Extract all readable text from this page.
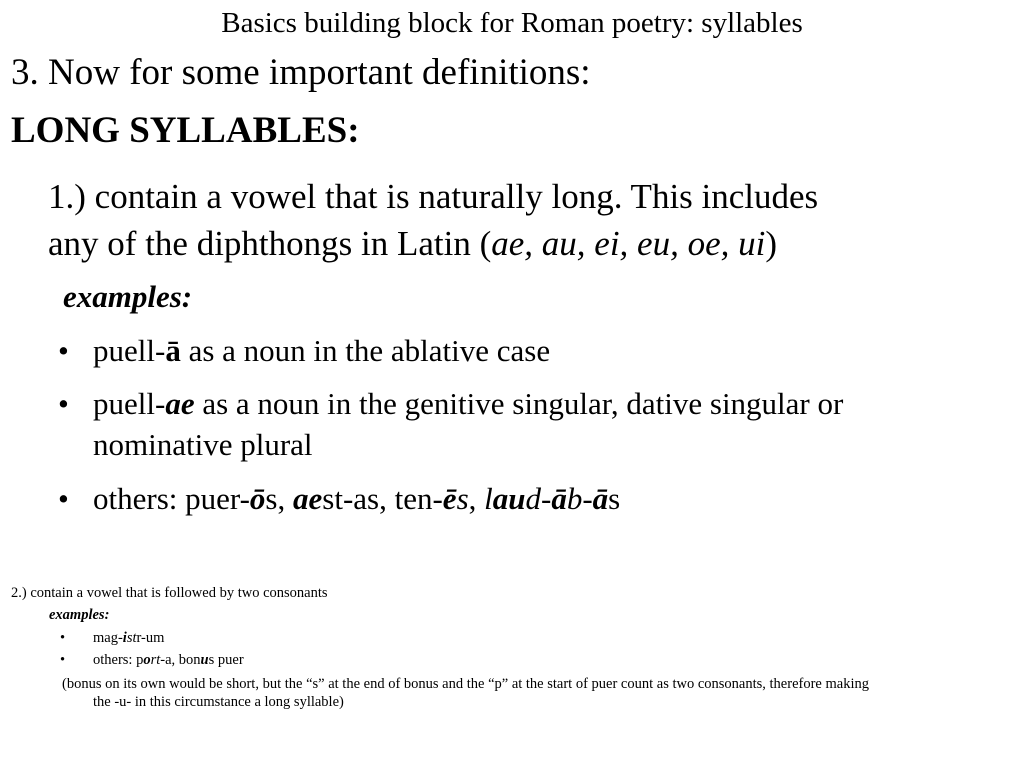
Basics building block for Roman poetry: syllables
3. Now for some important definitions:
LONG SYLLABLES:
1.) contain a vowel that is naturally long. This includes
any of the diphthongs in Latin (ae, au, ei, eu, oe, ui)
examples:
• puell-ā as a noun in the ablative case
• puell-ae as a noun in the genitive singular, dative singular or
nominative plural
• others: puer-ōs, aest-as, ten-ēs, laud-āb-ās
2.) contain a vowel that is followed by two consonants
examples:
• mag-istr-um
• others: port-a, bonus puer
(bonus on its own would be short, but the “s” at the end of bonus and the “p” at the start of puer count as two consonants, therefore making
the -u- in this circumstance a long syllable)
